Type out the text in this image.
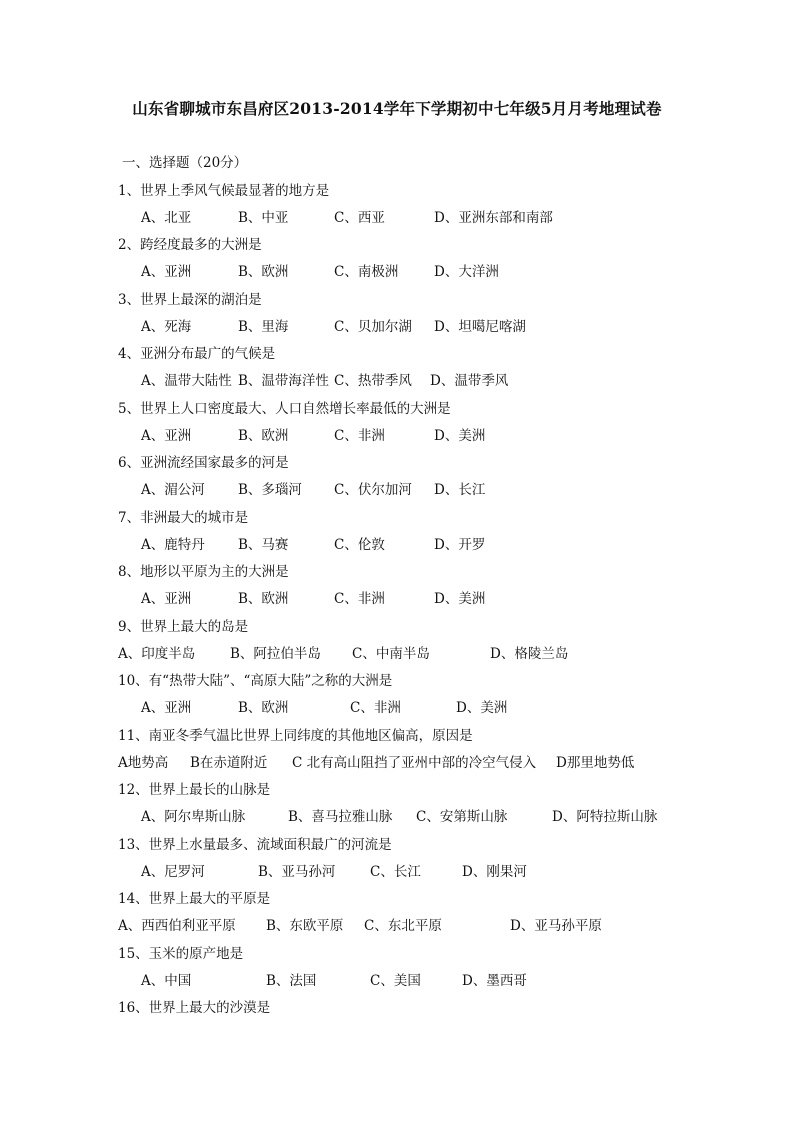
山东省聊城市东昌府区2013-2014学年下学期初中七年级5月月考地理试卷
一、选择题（20分）
1、世界上季风气候最显著的地方是
A、北亚	B、中亚	C、西亚	D、亚洲东部和南部
2、跨经度最多的大洲是
A、亚洲	B、欧洲	C、南极洲	D、大洋洲
3、世界上最深的湖泊是
A、死海	B、里海	C、贝加尔湖 D、坦噶尼喀湖
4、亚洲分布最广的气候是
A、温带大陆性 B、温带海洋性 C、热带季风 D、温带季风
5、世界上人口密度最大、人口自然增长率最低的大洲是
A、亚洲	B、欧洲	C、非洲	D、美洲
6、亚洲流经国家最多的河是
A、湄公河 B、多瑙河 C、伏尔加河 D、长江
7、非洲最大的城市是
A、鹿特丹 B、马赛	C、伦敦	D、开罗
8、地形以平原为主的大洲是
A、亚洲	B、欧洲	C、非洲	D、美洲
9、世界上最大的岛是
A、印度半岛	B、阿拉伯半岛 C、中南半岛	D、格陵兰岛
10、有“热带大陆”、“高原大陆”之称的大洲是
A、亚洲	B、欧洲	C、非洲	D、美洲
11、南亚冬季气温比世界上同纬度的其他地区偏高，原因是
A地势高 B在赤道附近 C 北有高山阻挡了亚州中部的冷空气侵入 D那里地势低
12、世界上最长的山脉是
A、阿尔卑斯山脉	B、喜马拉雅山脉 C、安第斯山脉	D、阿特拉斯山脉
13、世界上水量最多、流域面积最广的河流是
A、尼罗河	B、亚马孙河	C、长江	D、刚果河
14、世界上最大的平原是
A、西西伯利亚平原 B、东欧平原 C、东北平原	D、亚马孙平原
15、玉米的原产地是
A、中国	B、法国	C、美国	D、墨西哥
16、世界上最大的沙漠是
